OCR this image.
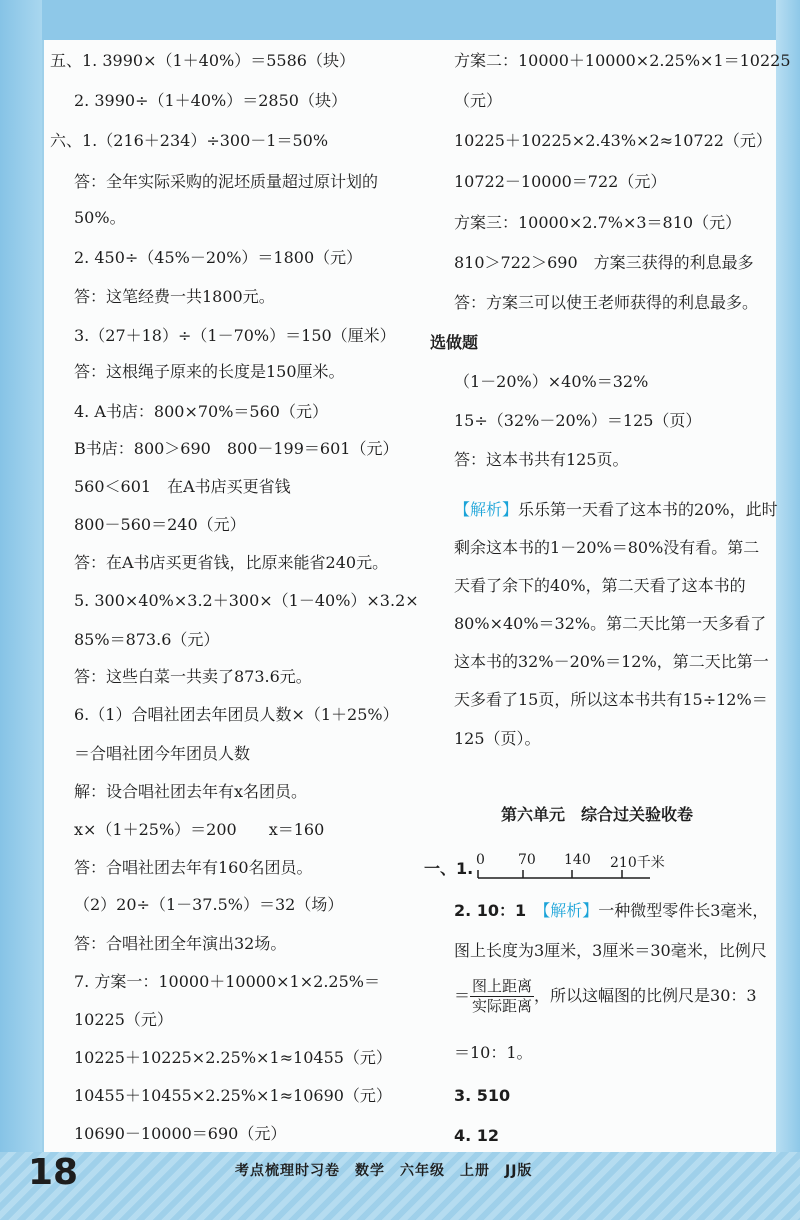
五、1. 3990×（1＋40%）＝5586（块）
2. 3990÷（1＋40%）＝2850（块）
六、1.（216＋234）÷300－1＝50%
答：全年实际采购的泥坯质量超过原计划的
50%。
2. 450÷（45%－20%）＝1800（元）
答：这笔经费一共1800元。
3.（27＋18）÷（1－70%）＝150（厘米）
答：这根绳子原来的长度是150厘米。
4. A书店：800×70%＝560（元）
B书店：800＞690　800－199＝601（元）
560＜601　在A书店买更省钱
800－560＝240（元）
答：在A书店买更省钱，比原来能省240元。
5. 300×40%×3.2＋300×（1－40%）×3.2×
85%＝873.6（元）
答：这些白菜一共卖了873.6元。
6.（1）合唱社团去年团员人数×（1＋25%）
＝合唱社团今年团员人数
解：设合唱社团去年有x名团员。
x×（1＋25%）＝200　　x＝160
答：合唱社团去年有160名团员。
（2）20÷（1－37.5%）＝32（场）
答：合唱社团全年演出32场。
7. 方案一：10000＋10000×1×2.25%＝
10225（元）
10225＋10225×2.25%×1≈10455（元）
10455＋10455×2.25%×1≈10690（元）
10690－10000＝690（元）
方案二：10000＋10000×2.25%×1＝10225
（元）
10225＋10225×2.43%×2≈10722（元）
10722－10000＝722（元）
方案三：10000×2.7%×3＝810（元）
810＞722＞690　方案三获得的利息最多
答：方案三可以使王老师获得的利息最多。
选做题
（1－20%）×40%＝32%
15÷（32%－20%）＝125（页）
答：这本书共有125页。
【解析】乐乐第一天看了这本书的20%，此时
剩余这本书的1－20%＝80%没有看。第二
天看了余下的40%，第二天看了这本书的
80%×40%＝32%。第二天比第一天多看了
这本书的32%－20%＝12%，第二天比第一
天多看了15页，所以这本书共有15÷12%＝
125（页）。
第六单元　综合过关验收卷
一、1. 0 70 140 210千米
2. 10：1　 【解析】一种微型零件长3毫米，
图上长度为3厘米，3厘米＝30毫米，比例尺
＝ $\frac{\text{图上距离}}{\text{实际距离}}$ ，所以这幅图的比例尺是30：3
＝10：1。
3. 510
4. 12
18	考点梳理时习卷　数学　六年级　上册　JJ版
